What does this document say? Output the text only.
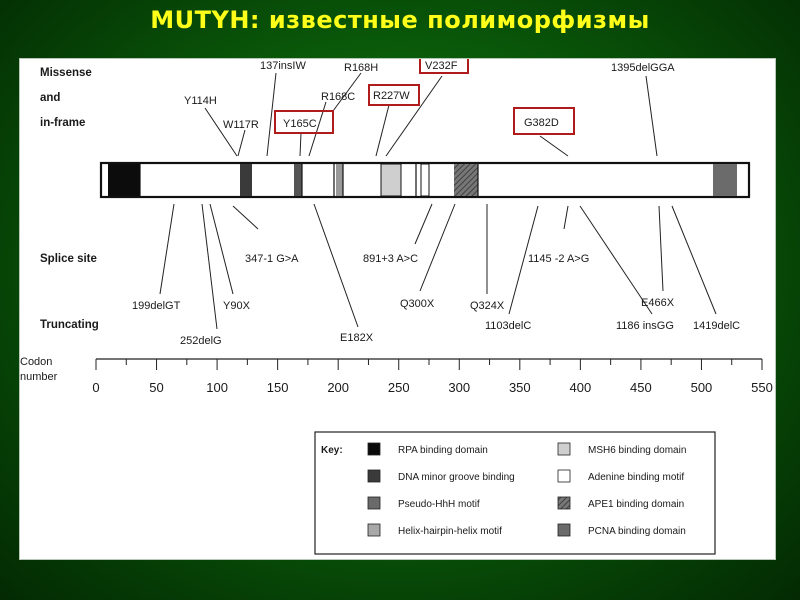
MUTYH: известные полиморфизмы
Missense
and
in-frame
Splice site
Truncating
Y114H
W117R
137insIW
Y165C
R168H
R168C R227W
V232F
G382D
1395delGGA
199delGT
252delG
Y90X
347-1 G>A
E182X
891+3 A>C
Q300X	Q324X
1103delC
1145 -2 A>G
1186 insGG
E466X
1419delC
Codon
number
0	50	100	150	200	250	300	350	400	450	500	550
Key:	RPA binding domain
DNA minor groove binding
Pseudo-HhH motif
Helix-hairpin-helix motif
MSH6 binding domain
Adenine binding motif
APE1 binding domain
PCNA binding domain
